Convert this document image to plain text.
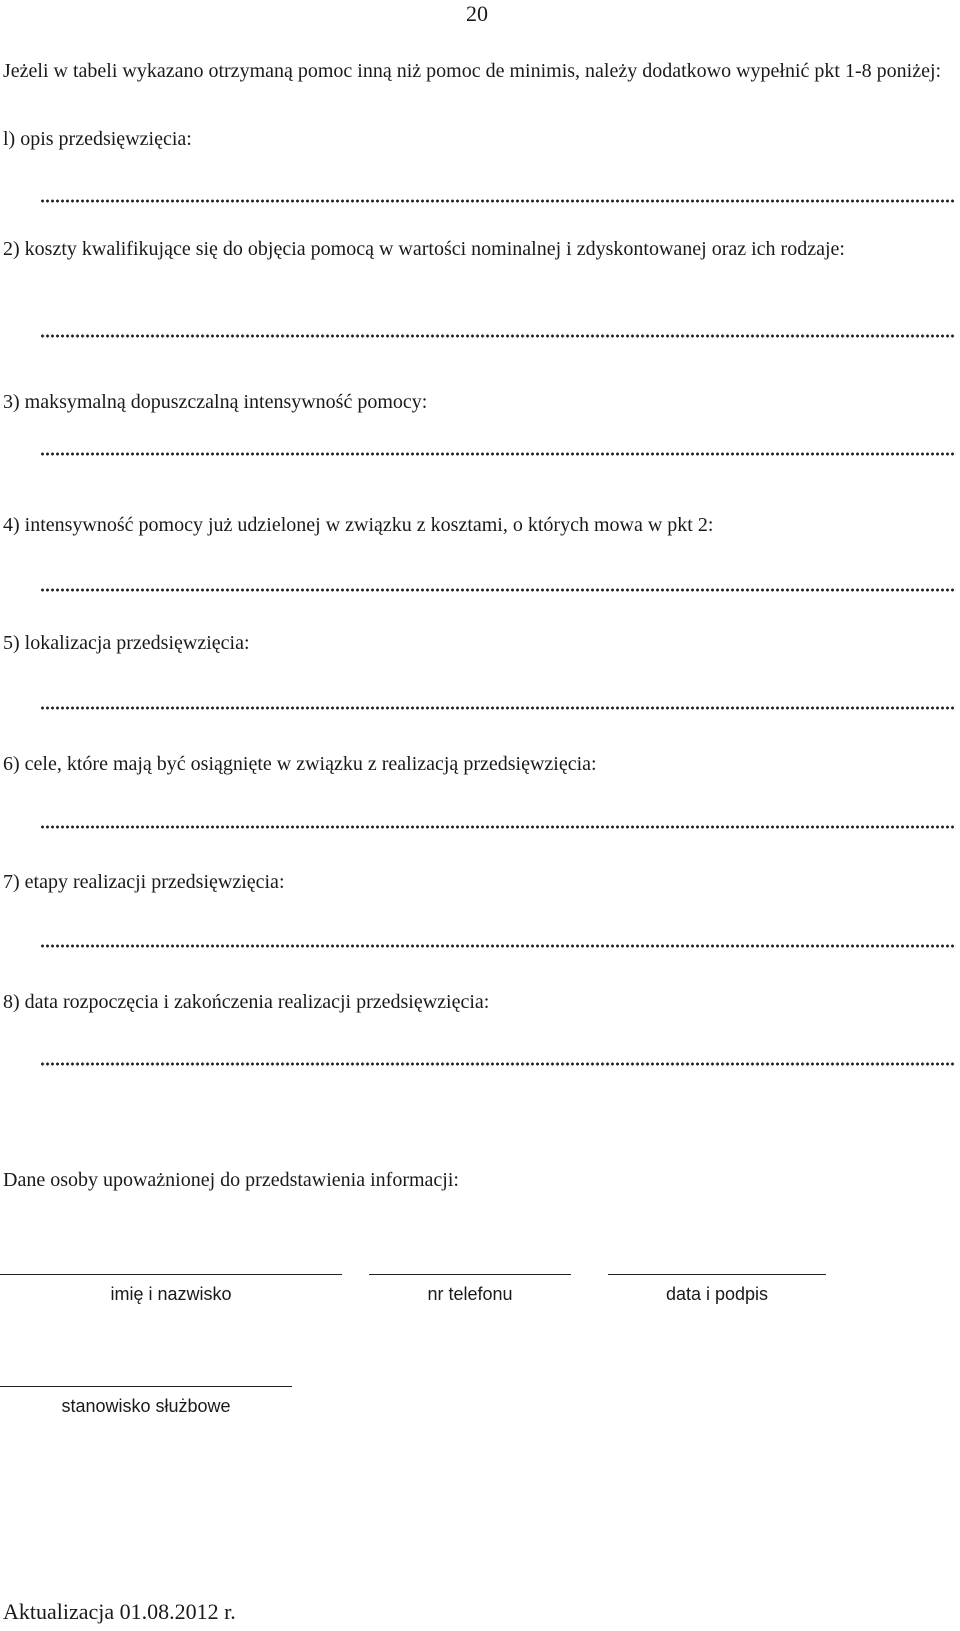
20
Jeżeli w tabeli wykazano otrzymaną pomoc inną niż pomoc de minimis, należy dodatkowo wypełnić pkt 1-8 poniżej:
l) opis przedsięwzięcia:
2) koszty kwalifikujące się do objęcia pomocą w wartości nominalnej i zdyskontowanej oraz ich rodzaje:
3) maksymalną dopuszczalną intensywność pomocy:
4) intensywność pomocy już udzielonej w związku z kosztami, o których mowa w pkt 2:
5) lokalizacja przedsięwzięcia:
6) cele, które mają być osiągnięte w związku z realizacją przedsięwzięcia:
7) etapy realizacji przedsięwzięcia:
8) data rozpoczęcia i zakończenia realizacji przedsięwzięcia:
Dane osoby upoważnionej do przedstawienia informacji:
imię i nazwisko	nr telefonu	data i podpis
stanowisko służbowe
Aktualizacja 01.08.2012 r.
